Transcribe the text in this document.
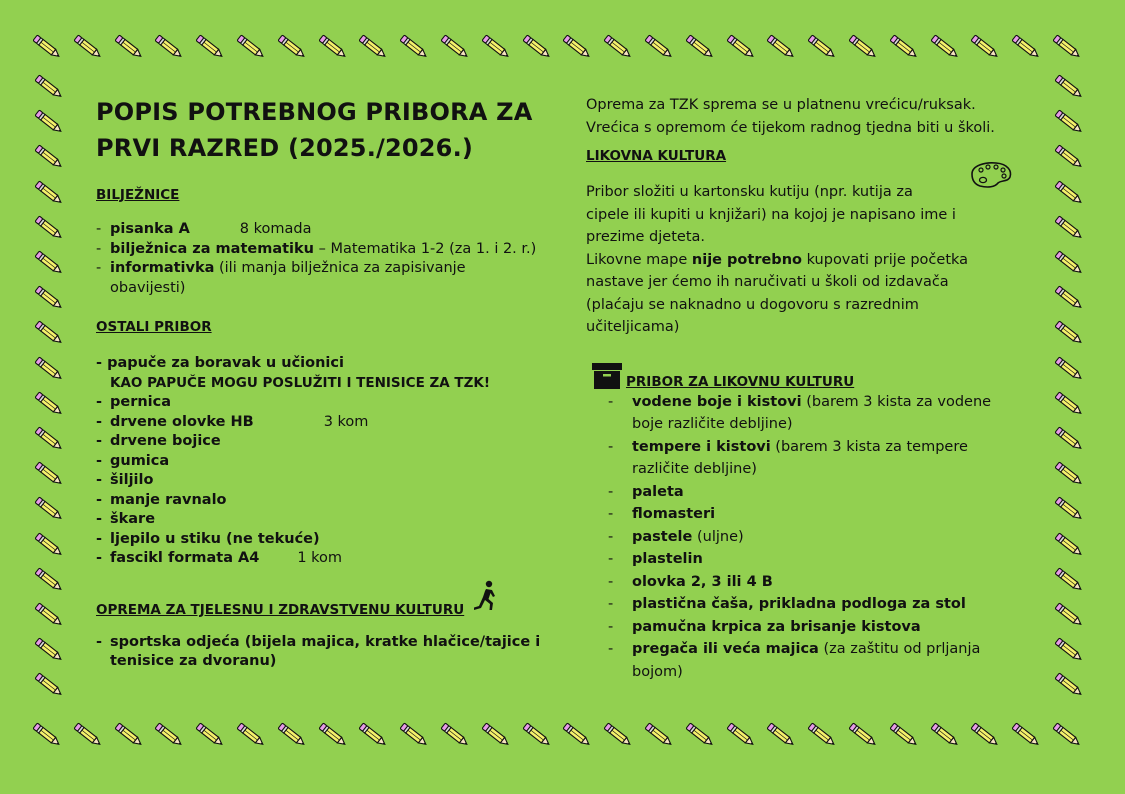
POPIS POTREBNOG PRIBORA ZA
PRVI RAZRED (2025./2026.)
BILJEŽNICE
- pisanka A	8 komada
- bilježnica za matematiku – Matematika 1-2 (za 1. i 2. r.)
- informativka (ili manja bilježnica za zapisivanje
obavijesti)
OSTALI PRIBOR
- papuče za boravak u učionici
KAO PAPUČE MOGU POSLUŽITI I TENISICE ZA TZK!
- pernica
- drvene olovke HB	3 kom
- drvene bojice
- gumica
- šiljilo
- manje ravnalo
- škare
- ljepilo u stiku (ne tekuće)
- fascikl formata A4	1 kom
OPREMA ZA TJELESNU I ZDRAVSTVENU KULTURU
- sportska odjeća (bijela majica, kratke hlačice/tajice i
tenisice za dvoranu)
Oprema za TZK sprema se u platnenu vrećicu/ruksak.
Vrećica s opremom će tijekom radnog tjedna biti u školi.
LIKOVNA KULTURA
Pribor složiti u kartonsku kutiju (npr. kutija za
cipele ili kupiti u knjižari) na kojoj je napisano ime i
prezime djeteta.
Likovne mape nije potrebno kupovati prije početka
nastave jer ćemo ih naručivati u školi od izdavača
(plaćaju se naknadno u dogovoru s razrednim
učiteljicama)
PRIBOR ZA LIKOVNU KULTURU
- vodene boje i kistovi (barem 3 kista za vodene
boje različite debljine)
- tempere i kistovi (barem 3 kista za tempere
različite debljine)
- paleta
- flomasteri
- pastele (uljne)
- plastelin
- olovka 2, 3 ili 4 B
- plastična čaša, prikladna podloga za stol
- pamučna krpica za brisanje kistova
- pregača ili veća majica (za zaštitu od prljanja
bojom)
